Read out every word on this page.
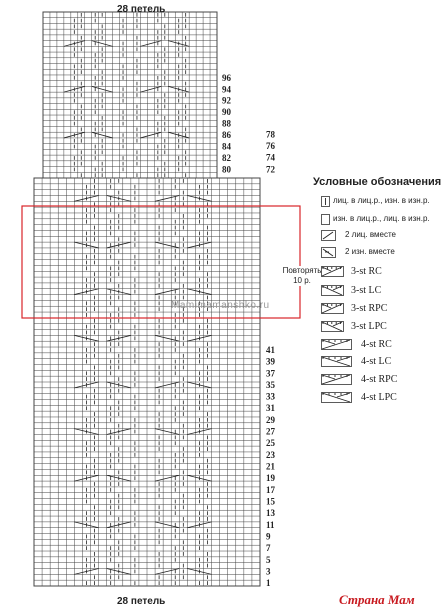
1
3
5
7
9
11
13
15
17
19
21
23
25
27
29
31
33
35
37
39
41
72
74
76
78
80
82
84
86
88
90
92
94
96
28 петель
28 петель
Повторять
10 р.
Mamimamanshko.ru
Условные обозначения
лиц. в лиц.р., изн. в изн.р.
изн. в лиц.р., лиц. в изн.р.
2 лиц. вместе
2 изн. вместе
3-st RC
3-st LC
3-st RPC
3-st LPC
4-st RC
4-st LC
4-st RPC
4-st LPC
Страна Мам
